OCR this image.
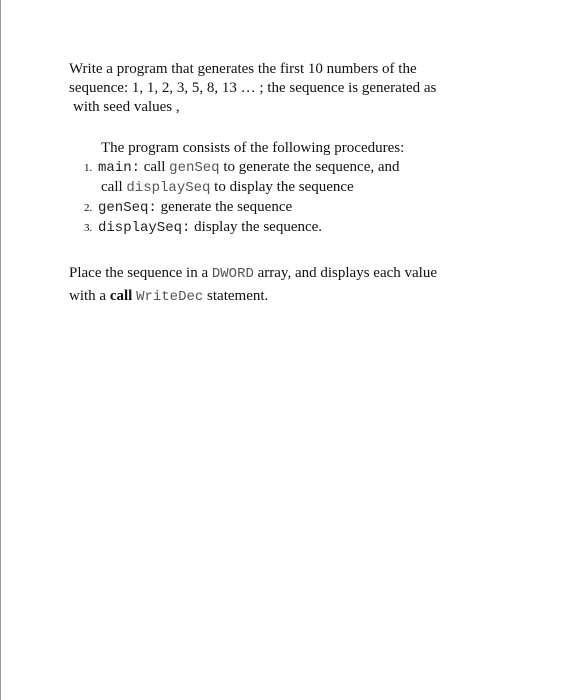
Write a program that generates the first 10 numbers of the
sequence: 1, 1, 2, 3, 5, 8, 13 … ; the sequence is generated as
with seed values ,

The program consists of the following procedures:
1. main: call genSeq to generate the sequence, and
call displaySeq to display the sequence
2. genSeq: generate the sequence
3. displaySeq: display the sequence.
Place the sequence in a DWORD array, and displays each value
with a call WriteDec statement.
